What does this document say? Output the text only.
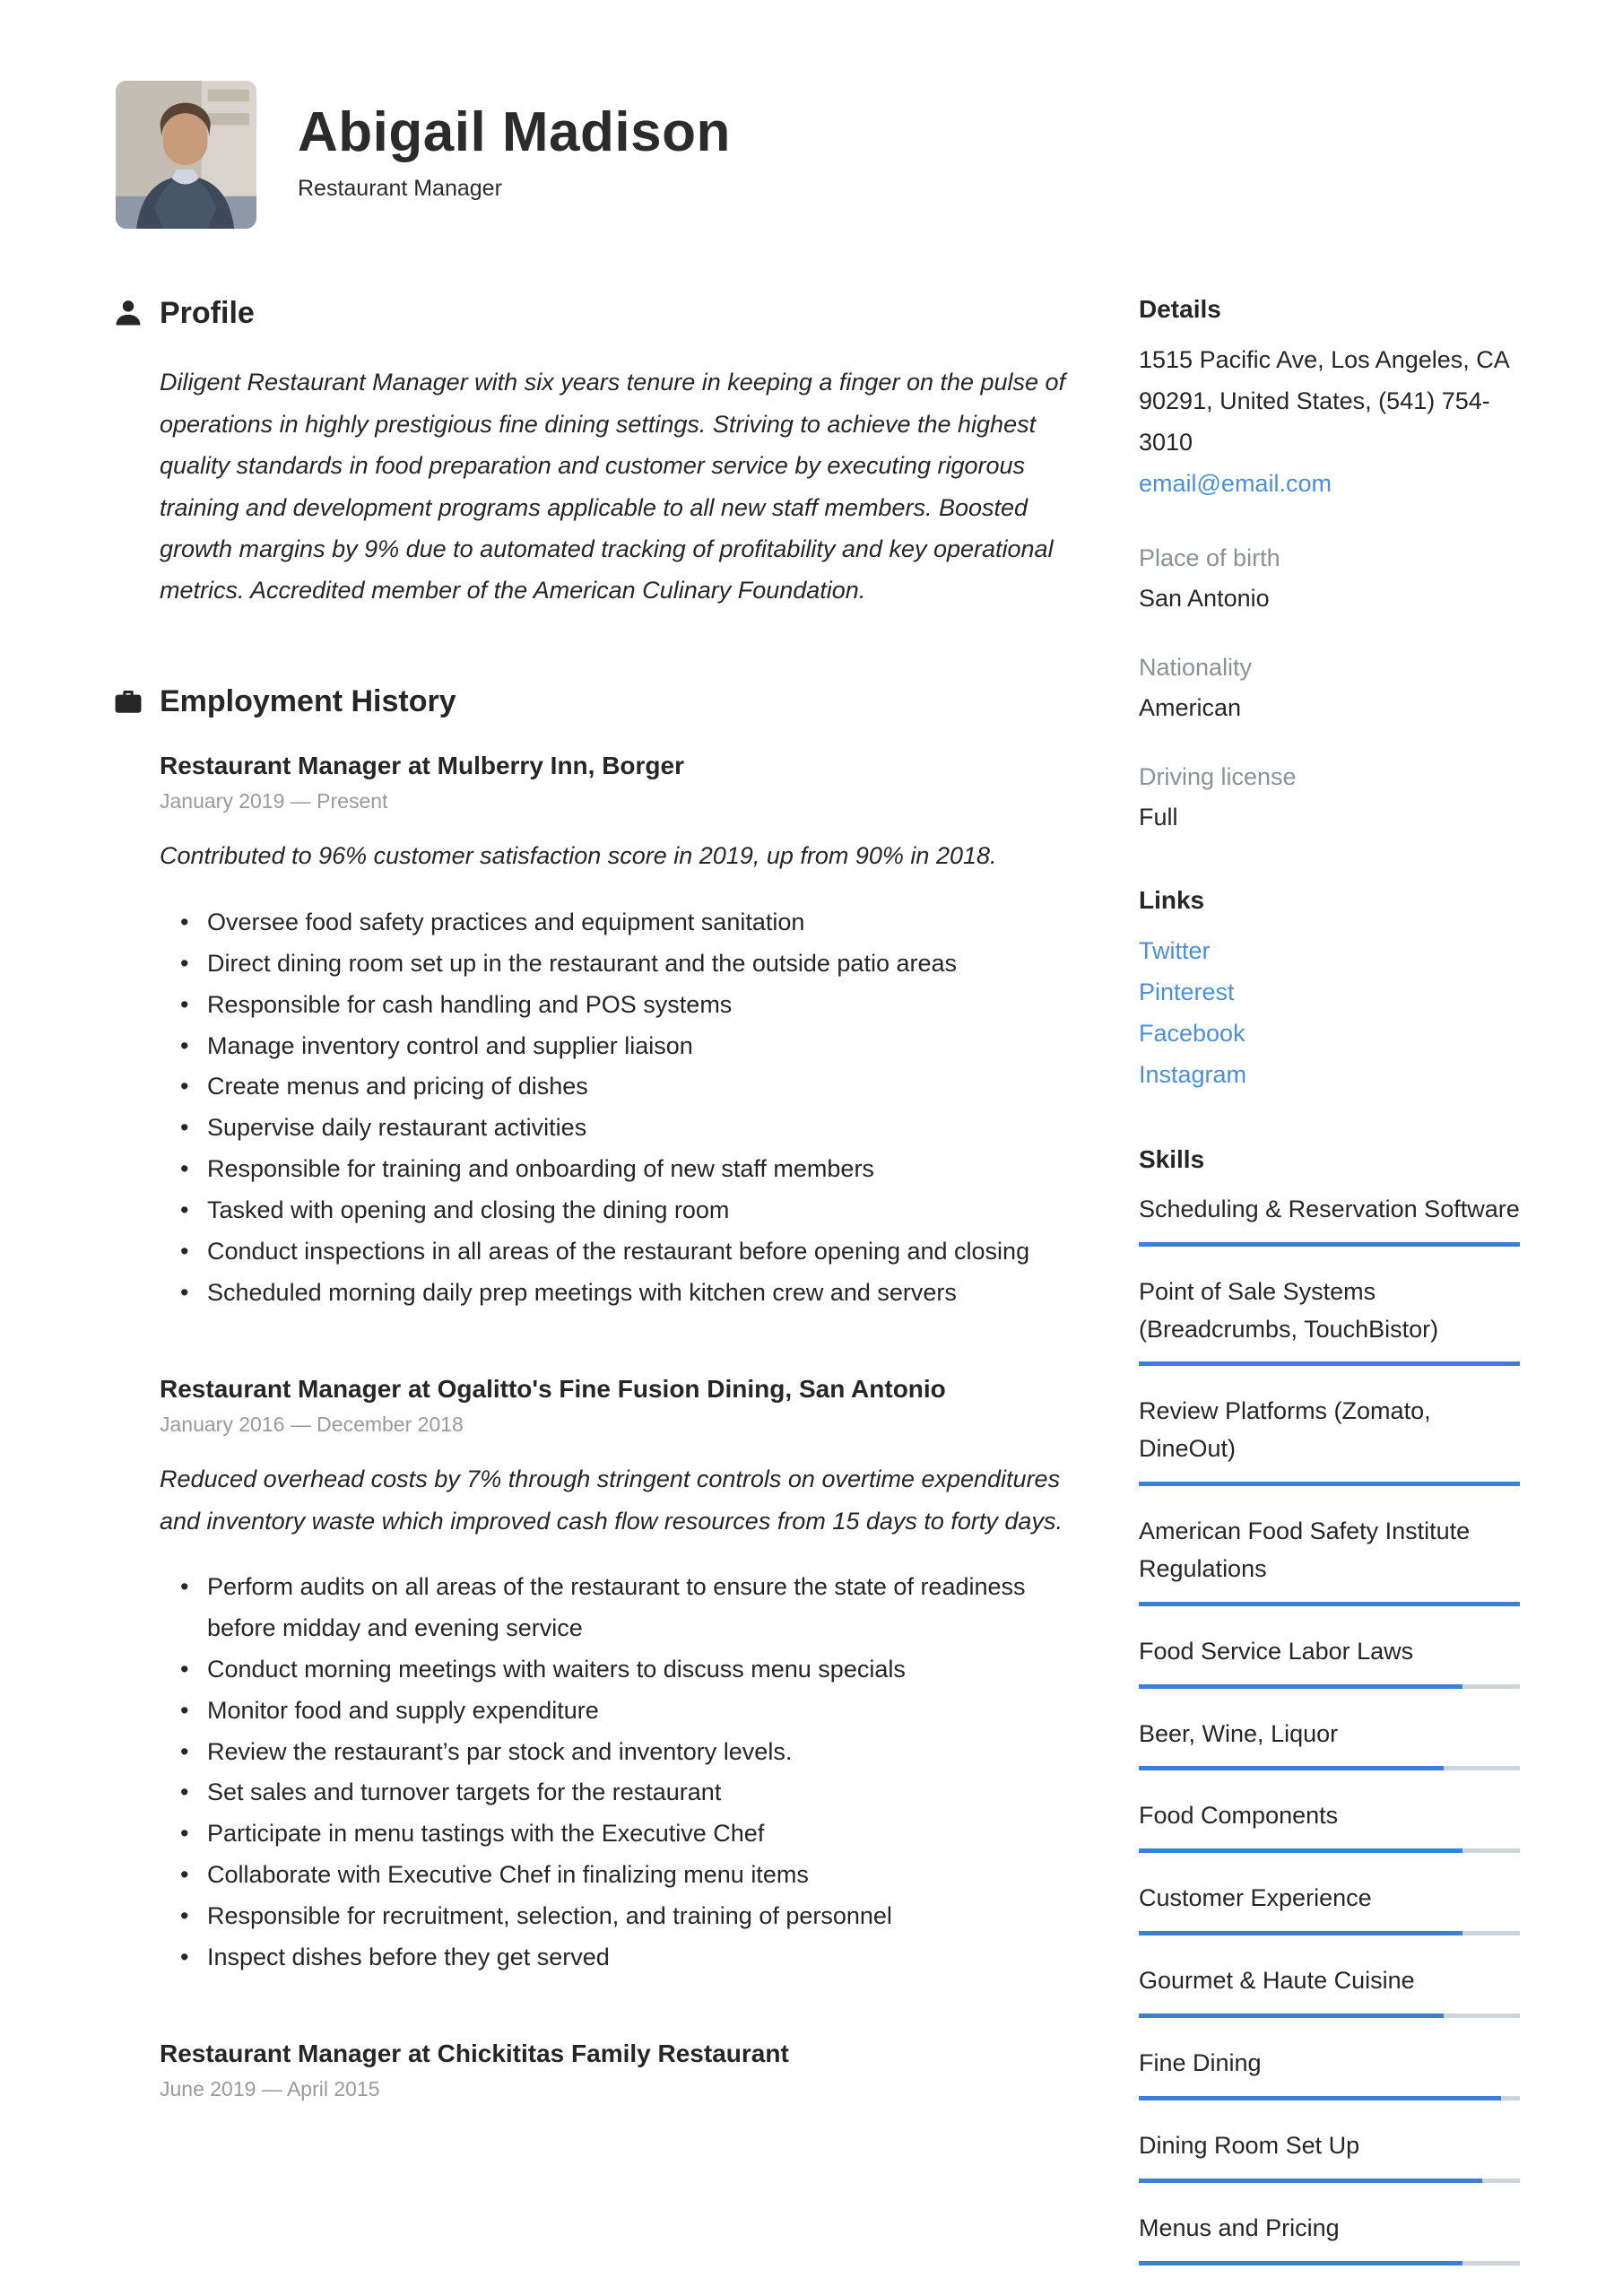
Abigail Madison
Restaurant Manager
Profile

Diligent Restaurant Manager with six years tenure in keeping a finger on the pulse of operations in highly prestigious fine dining settings. Striving to achieve the highest quality standards in food preparation and customer service by executing rigorous training and development programs applicable to all new staff members. Boosted growth margins by 9% due to automated tracking of profitability and key operational metrics. Accredited member of the American Culinary Foundation.

Employment History
Restaurant Manager at Mulberry Inn, Borger
January 2019 — Present

Contributed to 96% customer satisfaction score in 2019, up from 90% in 2018.

• Oversee food safety practices and equipment sanitation
• Direct dining room set up in the restaurant and the outside patio areas
• Responsible for cash handling and POS systems
• Manage inventory control and supplier liaison
• Create menus and pricing of dishes
• Supervise daily restaurant activities
• Responsible for training and onboarding of new staff members
• Tasked with opening and closing the dining room
• Conduct inspections in all areas of the restaurant before opening and closing
• Scheduled morning daily prep meetings with kitchen crew and servers
Restaurant Manager at Ogalitto's Fine Fusion Dining, San Antonio
January 2016 — December 2018

Reduced overhead costs by 7% through stringent controls on overtime expenditures and inventory waste which improved cash flow resources from 15 days to forty days.

• Perform audits on all areas of the restaurant to ensure the state of readiness before midday and evening service
• Conduct morning meetings with waiters to discuss menu specials
• Monitor food and supply expenditure
• Review the restaurant’s par stock and inventory levels.
• Set sales and turnover targets for the restaurant
• Participate in menu tastings with the Executive Chef
• Collaborate with Executive Chef in finalizing menu items
• Responsible for recruitment, selection, and training of personnel
• Inspect dishes before they get served
Restaurant Manager at Chickititas Family Restaurant
June 2019 — April 2015
Details

1515 Pacific Ave, Los Angeles, CA 90291, United States, (541) 754-3010

email@email.com
Place of birth
San Antonio
Nationality
American
Driving license
Full
Links
Twitter
Pinterest
Facebook
Instagram
Skills
Scheduling & Reservation Software
Point of Sale Systems (Breadcrumbs, TouchBistor)
Review Platforms (Zomato, DineOut)
American Food Safety Institute Regulations
Food Service Labor Laws
Beer, Wine, Liquor
Food Components
Customer Experience
Gourmet & Haute Cuisine
Fine Dining
Dining Room Set Up
Menus and Pricing
